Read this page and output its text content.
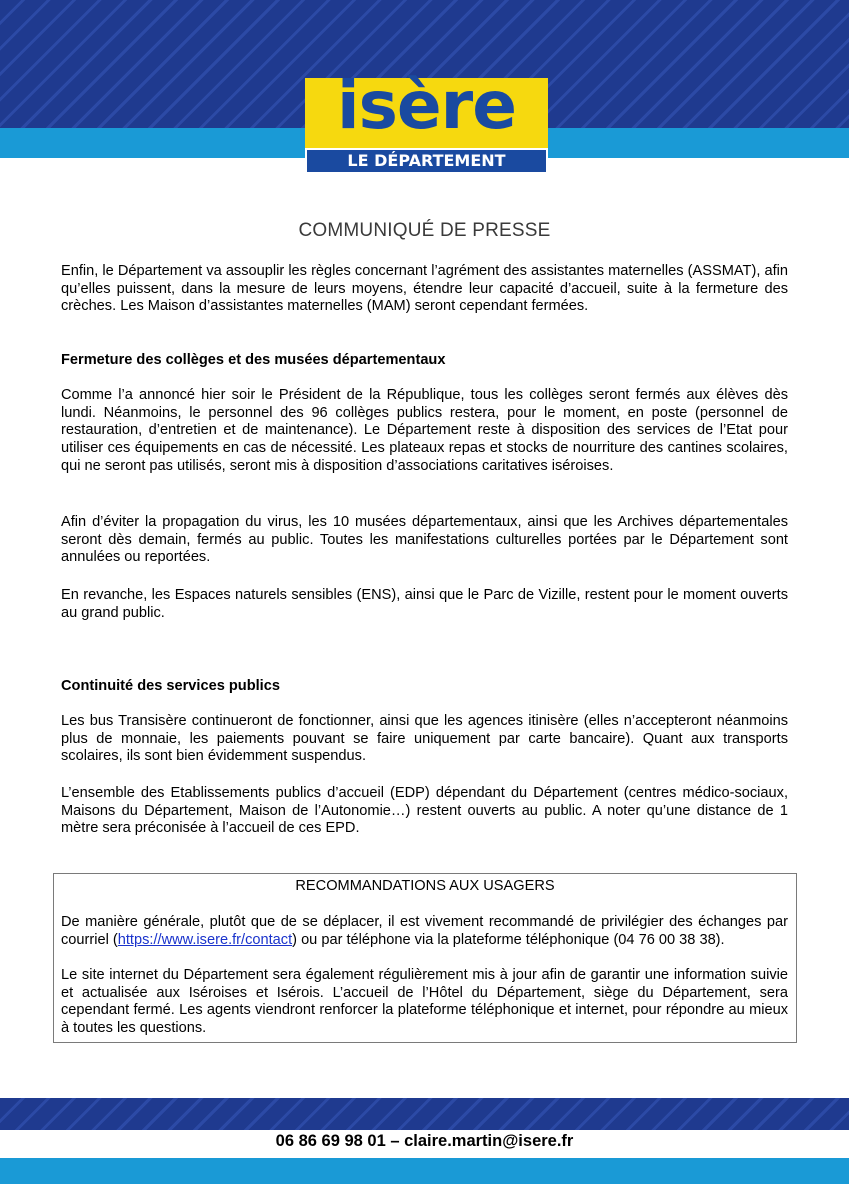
isère
LE DÉPARTEMENT
COMMUNIQUÉ DE PRESSE

Enfin, le Département va assouplir les règles concernant l’agrément des assistantes maternelles (ASSMAT), afin qu’elles puissent, dans la mesure de leurs moyens, étendre leur capacité d’accueil, suite à la fermeture des crèches. Les Maison d’assistantes maternelles (MAM) seront cependant fermées.

Fermeture des collèges et des musées départementaux

Comme l’a annoncé hier soir le Président de la République, tous les collèges seront fermés aux élèves dès lundi. Néanmoins, le personnel des 96 collèges publics restera, pour le moment, en poste (personnel de restauration, d’entretien et de maintenance). Le Département reste à disposition des services de l’Etat pour utiliser ces équipements en cas de nécessité. Les plateaux repas et stocks de nourriture des cantines scolaires, qui ne seront pas utilisés, seront mis à disposition d’associations caritatives iséroises.

Afin d’éviter la propagation du virus, les 10 musées départementaux, ainsi que les Archives départementales seront dès demain, fermés au public. Toutes les manifestations culturelles portées par le Département sont annulées ou reportées.

En revanche, les Espaces naturels sensibles (ENS), ainsi que le Parc de Vizille, restent pour le moment ouverts au grand public.

Continuité des services publics

Les bus Transisère continueront de fonctionner, ainsi que les agences itinisère (elles n’accepteront néanmoins plus de monnaie, les paiements pouvant se faire uniquement par carte bancaire). Quant aux transports scolaires, ils sont bien évidemment suspendus.

L’ensemble des Etablissements publics d’accueil (EDP) dépendant du Département (centres médico-sociaux, Maisons du Département, Maison de l’Autonomie…) restent ouverts au public. A noter qu’une distance de 1 mètre sera préconisée à l’accueil de ces EPD.

RECOMMANDATIONS AUX USAGERS

De manière générale, plutôt que de se déplacer, il est vivement recommandé de privilégier des échanges par courriel (https://www.isere.fr/contact) ou par téléphone via la plateforme téléphonique (04 76 00 38 38).

Le site internet du Département sera également régulièrement mis à jour afin de garantir une information suivie et actualisée aux Iséroises et Isérois. L’accueil de l’Hôtel du Département, siège du Département, sera cependant fermé. Les agents viendront renforcer la plateforme téléphonique et internet, pour répondre au mieux à toutes les questions.

06 86 69 98 01 – claire.martin@isere.fr
